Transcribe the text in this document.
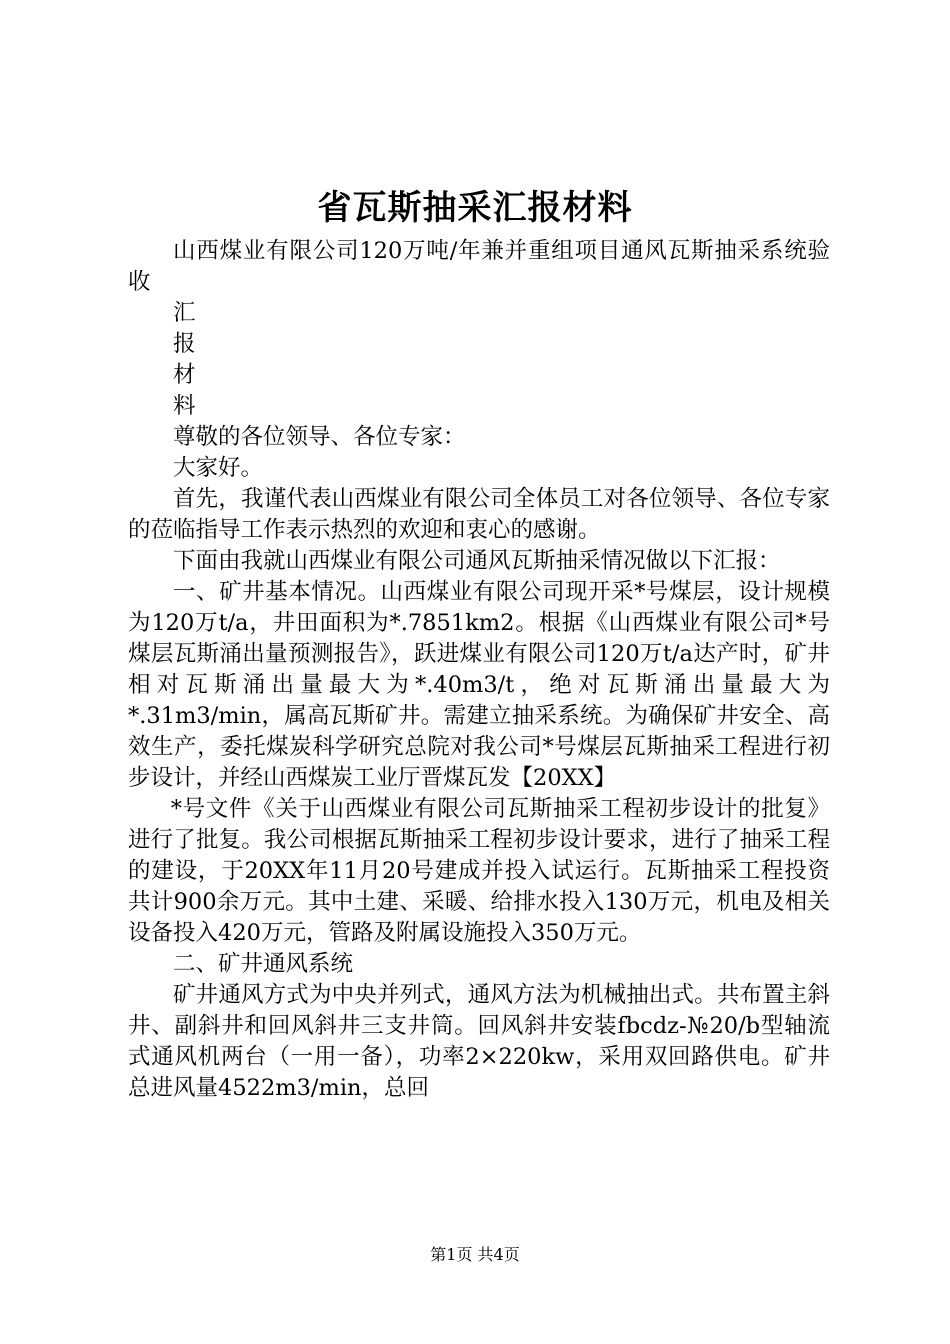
省瓦斯抽采汇报材料

山西煤业有限公司120万吨/年兼并重组项目通风瓦斯抽采系统验收

汇

报

材

料

尊敬的各位领导、各位专家：

大家好。

首先，我谨代表山西煤业有限公司全体员工对各位领导、各位专家的莅临指导工作表示热烈的欢迎和衷心的感谢。

下面由我就山西煤业有限公司通风瓦斯抽采情况做以下汇报：

一、矿井基本情况。山西煤业有限公司现开采*号煤层，设计规模为120万t/a，井田面积为*.7851km2。根据《山西煤业有限公司*号煤层瓦斯涌出量预测报告》，跃进煤业有限公司120万t/a达产时，矿井相对瓦斯涌出量最大为*.40m3/t，绝对瓦斯涌出量最大为*.31m3/min，属高瓦斯矿井。需建立抽采系统。为确保矿井安全、高效生产，委托煤炭科学研究总院对我公司*号煤层瓦斯抽采工程进行初步设计，并经山西煤炭工业厅晋煤瓦发【20XX】

*号文件《关于山西煤业有限公司瓦斯抽采工程初步设计的批复》进行了批复。我公司根据瓦斯抽采工程初步设计要求，进行了抽采工程的建设，于20XX年11月20号建成并投入试运行。瓦斯抽采工程投资共计900余万元。其中土建、采暖、给排水投入130万元，机电及相关设备投入420万元，管路及附属设施投入350万元。

二、矿井通风系统

矿井通风方式为中央并列式，通风方法为机械抽出式。共布置主斜井、副斜井和回风斜井三支井筒。回风斜井安装fbcdz-№20/b型轴流式通风机两台（一用一备），功率2×220kw，采用双回路供电。矿井总进风量4522m3/min，总回

第1页 共4页
